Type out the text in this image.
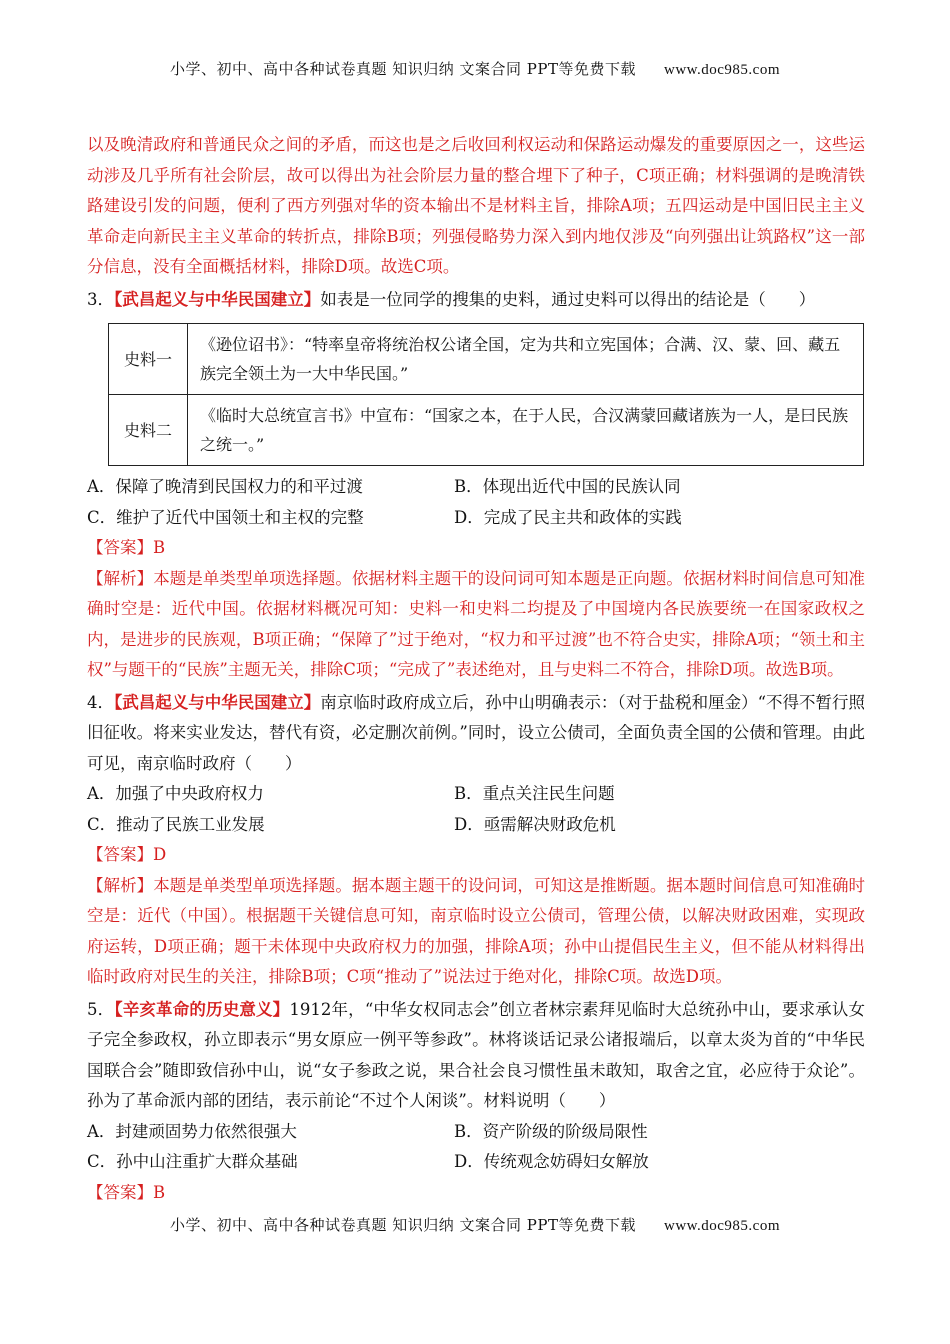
小学、初中、高中各种试卷真题 知识归纳 文案合同 PPT等免费下载 www.doc985.com

以及晚清政府和普通民众之间的矛盾，而这也是之后收回利权运动和保路运动爆发的重要原因之一，这些运动涉及几乎所有社会阶层，故可以得出为社会阶层力量的整合埋下了种子，C项正确；材料强调的是晚清铁路建设引发的问题，便利了西方列强对华的资本输出不是材料主旨，排除A项；五四运动是中国旧民主主义革命走向新民主主义革命的转折点，排除B项；列强侵略势力深入到内地仅涉及“向列强出让筑路权”这一部分信息，没有全面概括材料，排除D项。故选C项。

3．【武昌起义与中华民国建立】如表是一位同学的搜集的史料，通过史料可以得出的结论是（　　）

史料一	《逊位诏书》：“特率皇帝将统治权公诸全国，定为共和立宪国体；合满、汉、蒙、回、藏五族完全领土为一大中华民国。”
史料二	《临时大总统宣言书》中宣布：“国家之本，在于人民，合汉满蒙回藏诸族为一人，是曰民族之统一。”
A．保障了晚清到民国权力的和平过渡	B．体现出近代中国的民族认同
C．维护了近代中国领土和主权的完整	D．完成了民主共和政体的实践

【答案】B

【解析】本题是单类型单项选择题。依据材料主题干的设问词可知本题是正向题。依据材料时间信息可知准确时空是：近代中国。依据材料概况可知：史料一和史料二均提及了中国境内各民族要统一在国家政权之内，是进步的民族观，B项正确；“保障了”过于绝对，“权力和平过渡”也不符合史实，排除A项；“领土和主权”与题干的“民族”主题无关，排除C项；“完成了”表述绝对，且与史料二不符合，排除D项。故选B项。

4．【武昌起义与中华民国建立】南京临时政府成立后，孙中山明确表示：（对于盐税和厘金）“不得不暂行照旧征收。将来实业发达，替代有资，必定删次前例。”同时，设立公债司，全面负责全国的公债和管理。由此可见，南京临时政府（　　）

A．加强了中央政府权力	B．重点关注民生问题
C．推动了民族工业发展	D．亟需解决财政危机

【答案】D

【解析】本题是单类型单项选择题。据本题主题干的设问词，可知这是推断题。据本题时间信息可知准确时空是：近代（中国）。根据题干关键信息可知，南京临时设立公债司，管理公债，以解决财政困难，实现政府运转，D项正确；题干未体现中央政府权力的加强，排除A项；孙中山提倡民生主义，但不能从材料得出临时政府对民生的关注，排除B项；C项“推动了”说法过于绝对化，排除C项。故选D项。

5．【辛亥革命的历史意义】1912年，“中华女权同志会”创立者林宗素拜见临时大总统孙中山，要求承认女子完全参政权，孙立即表示“男女原应一例平等参政”。林将谈话记录公诸报端后，以章太炎为首的“中华民国联合会”随即致信孙中山，说“女子参政之说，果合社会良习惯性虽未敢知，取舍之宜，必应待于众论”。孙为了革命派内部的团结，表示前论“不过个人闲谈”。材料说明（　　）

A．封建顽固势力依然很强大	B．资产阶级的阶级局限性
C．孙中山注重扩大群众基础	D．传统观念妨碍妇女解放

【答案】B

小学、初中、高中各种试卷真题 知识归纳 文案合同 PPT等免费下载 www.doc985.com
